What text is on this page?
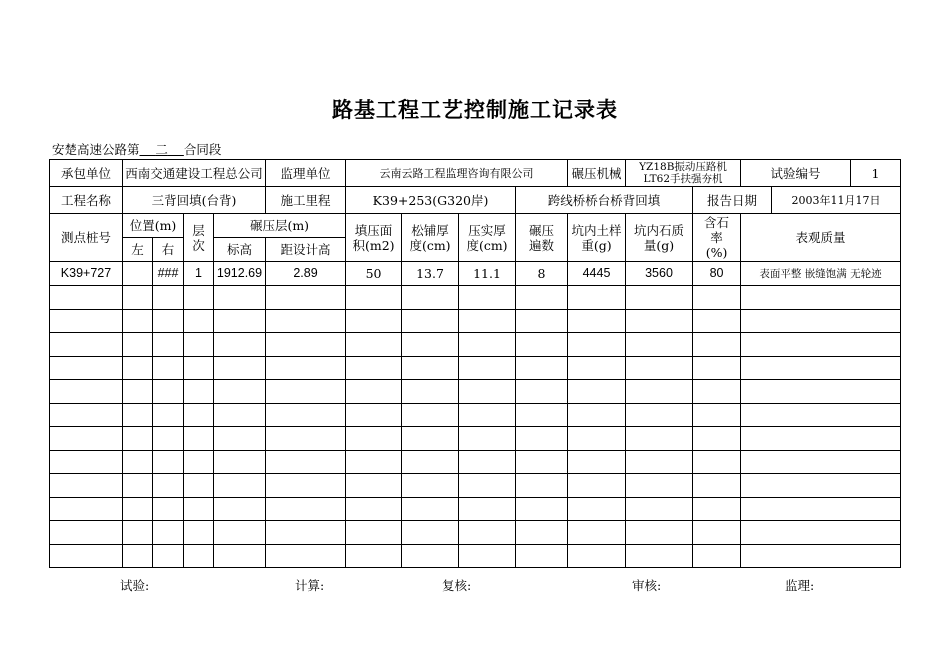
路基工程工艺控制施工记录表
安楚高速公路第 二 合同段
承包单位	西南交通建设工程总公司				监理单位	云南云路工程监理咨询有限公司				碾压机械	YZ18B振动压路机
LT62手扶强夯机		试验编号		1
工程名称	三背回填(台背)				施工里程	K39+253(G320岸)			跨线桥桥台桥背回填			报告日期		2003年11月17日	
测点桩号	位置(m)		层次	碾压层(m)		填压面积(m2)	松铺厚度(cm)	压实厚度(cm)	碾压遍数	坑内土样重(g)	坑内石质量(g)	含石率(%)	表观质量		
	左	右		标高	距设计高										
K39+727		###	1	1912.69	2.89	50	13.7	11.1	8	4445	3560	80	表面平整 嵌缝饱满 无轮迹		

试验:	计算:	复核:	审核:	监理:
